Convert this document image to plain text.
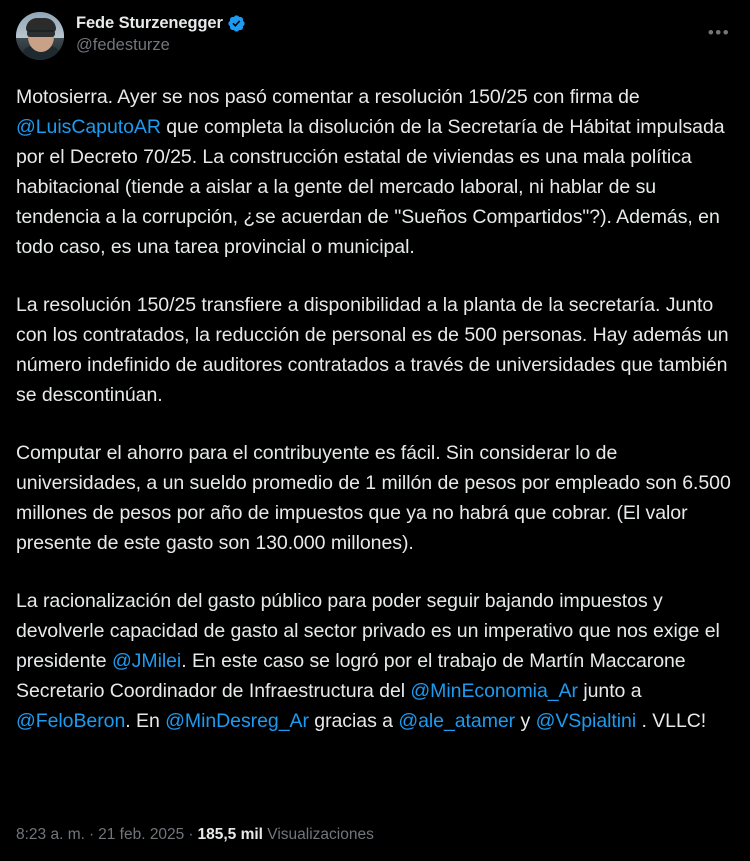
Fede Sturzenegger
@fedesturze
•••

Motosierra. Ayer se nos pasó comentar a resolución 150/25 con firma de @LuisCaputoAR que completa la disolución de la Secretaría de Hábitat impulsada por el Decreto 70/25. La construcción estatal de viviendas es una mala política habitacional (tiende a aislar a la gente del mercado laboral, ni hablar de su tendencia a la corrupción, ¿se acuerdan de "Sueños Compartidos"?). Además, en todo caso, es una tarea provincial o municipal.

La resolución 150/25 transfiere a disponibilidad a la planta de la secretaría. Junto con los contratados, la reducción de personal es de 500 personas. Hay además un número indefinido de auditores contratados a través de universidades que también se descontinúan.

Computar el ahorro para el contribuyente es fácil. Sin considerar lo de universidades, a un sueldo promedio de 1 millón de pesos por empleado son 6.500 millones de pesos por año de impuestos que ya no habrá que cobrar. (El valor presente de este gasto son 130.000 millones).

La racionalización del gasto público para poder seguir bajando impuestos y devolverle capacidad de gasto al sector privado es un imperativo que nos exige el presidente @JMilei. En este caso se logró por el trabajo de Martín Maccarone Secretario Coordinador de Infraestructura del @MinEconomia_Ar junto a @FeloBeron. En @MinDesreg_Ar gracias a @ale_atamer y @VSpialtini . VLLC!

8:23 a. m. · 21 feb. 2025 · 185,5 mil Visualizaciones
